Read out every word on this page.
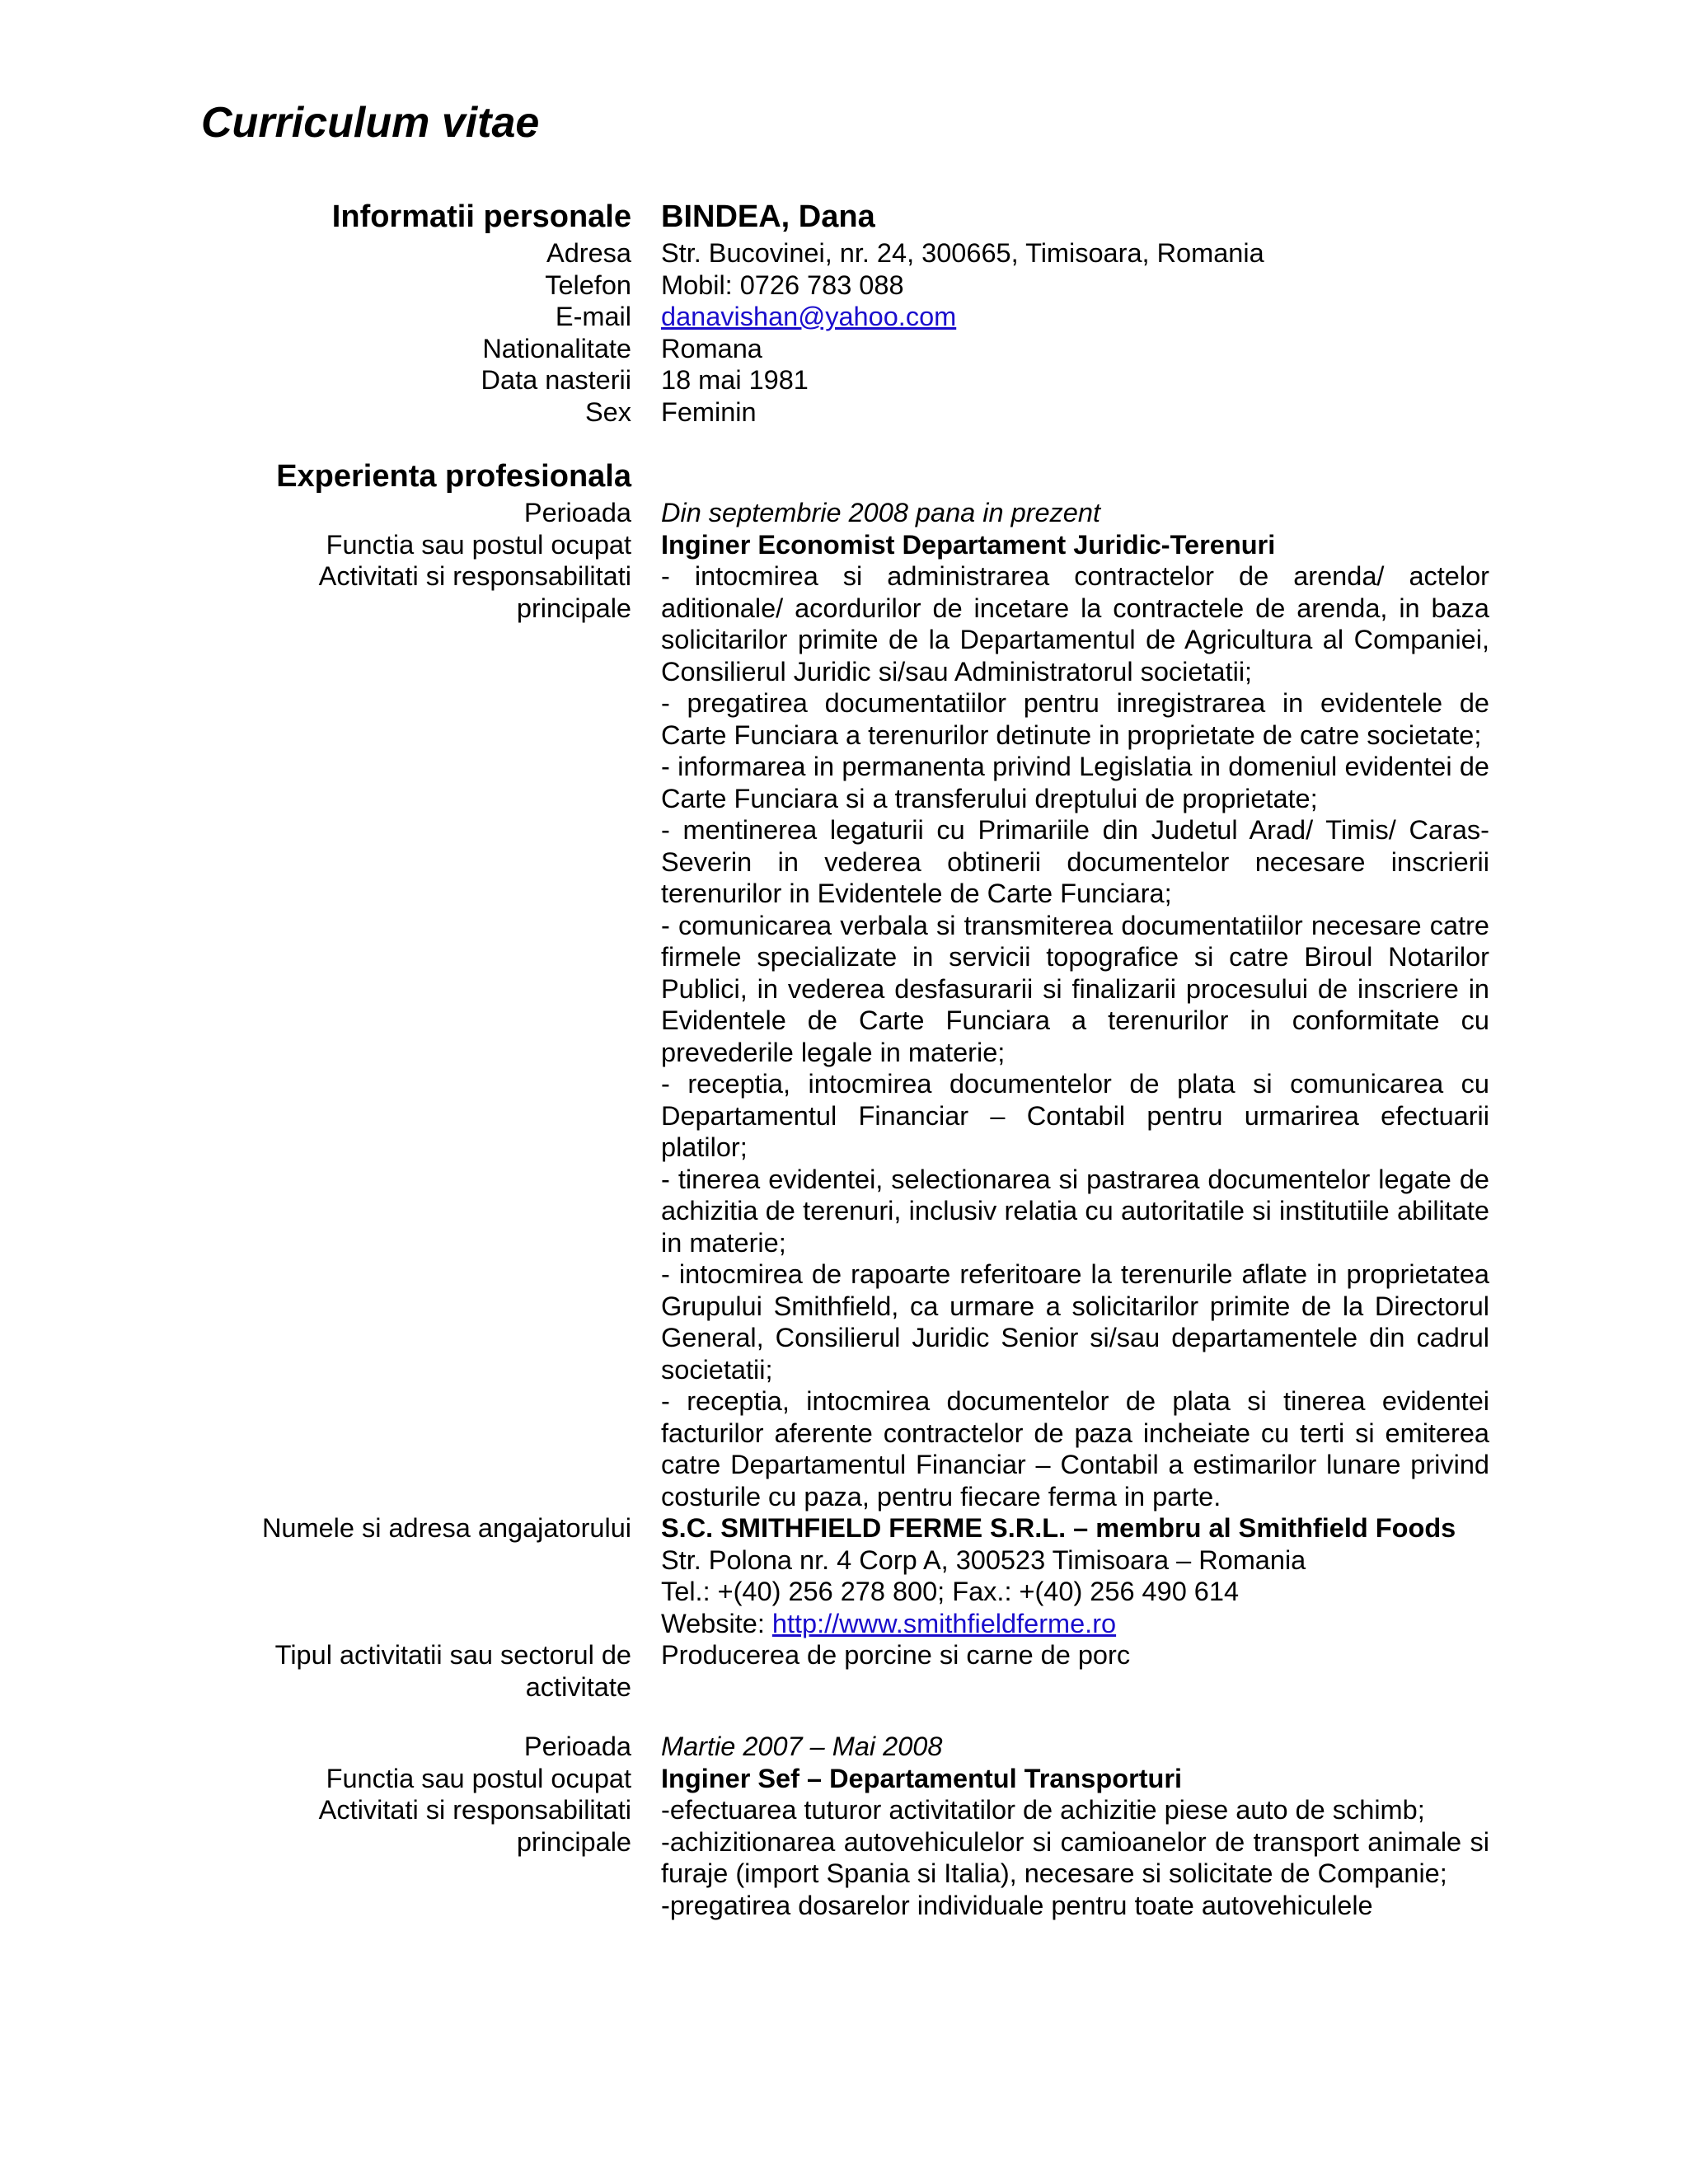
Curriculum vitae
Informatii personale BINDEA, Dana
Adresa Str. Bucovinei, nr. 24, 300665, Timisoara, Romania
Telefon Mobil: 0726 783 088
E-mail danavishan@yahoo.com
Nationalitate Romana
Data nasterii 18 mai 1981
Sex Feminin
Experienta profesionala
Perioada Din septembrie 2008 pana in prezent
Functia sau postul ocupat Inginer Economist Departament Juridic-Terenuri
Activitati si responsabilitati
principale
- intocmirea si administrarea contractelor de arenda/ actelor aditionale/ acordurilor de incetare la contractele de arenda, in baza solicitarilor primite de la Departamentul de Agricultura al Companiei, Consilierul Juridic si/sau Administratorul societatii;
- pregatirea documentatiilor pentru inregistrarea in evidentele de Carte Funciara a terenurilor detinute in proprietate de catre societate;
- informarea in permanenta privind Legislatia in domeniul evidentei de Carte Funciara si a transferului dreptului de proprietate;
- mentinerea legaturii cu Primariile din Judetul Arad/ Timis/ Caras-Severin in vederea obtinerii documentelor necesare inscrierii terenurilor in Evidentele de Carte Funciara;
- comunicarea verbala si transmiterea documentatiilor necesare catre firmele specializate in servicii topografice si catre Biroul Notarilor Publici, in vederea desfasurarii si finalizarii procesului de inscriere in Evidentele de Carte Funciara a terenurilor in conformitate cu prevederile legale in materie;
- receptia, intocmirea documentelor de plata si comunicarea cu Departamentul Financiar – Contabil pentru urmarirea efectuarii platilor;
- tinerea evidentei, selectionarea si pastrarea documentelor legate de achizitia de terenuri, inclusiv relatia cu autoritatile si institutiile abilitate in materie;
- intocmirea de rapoarte referitoare la terenurile aflate in proprietatea Grupului Smithfield, ca urmare a solicitarilor primite de la Directorul General, Consilierul Juridic Senior si/sau departamentele din cadrul societatii;
- receptia, intocmirea documentelor de plata si tinerea evidentei facturilor aferente contractelor de paza incheiate cu terti si emiterea catre Departamentul Financiar – Contabil a estimarilor lunare privind costurile cu paza, pentru fiecare ferma in parte.
Numele si adresa angajatorului S.C. SMITHFIELD FERME S.R.L. – membru al Smithfield Foods
Str. Polona nr. 4 Corp A, 300523 Timisoara – Romania
Tel.: +(40) 256 278 800; Fax.: +(40) 256 490 614
Website: http://www.smithfieldferme.ro
Tipul activitatii sau sectorul de
activitate
Producerea de porcine si carne de porc
Perioada Martie 2007 – Mai 2008
Functia sau postul ocupat Inginer Sef – Departamentul Transporturi
Activitati si responsabilitati
principale
-efectuarea tuturor activitatilor de achizitie piese auto de schimb;
-achizitionarea autovehiculelor si camioanelor de transport animale si furaje (import Spania si Italia), necesare si solicitate de Companie;
-pregatirea dosarelor individuale pentru toate autovehiculele
